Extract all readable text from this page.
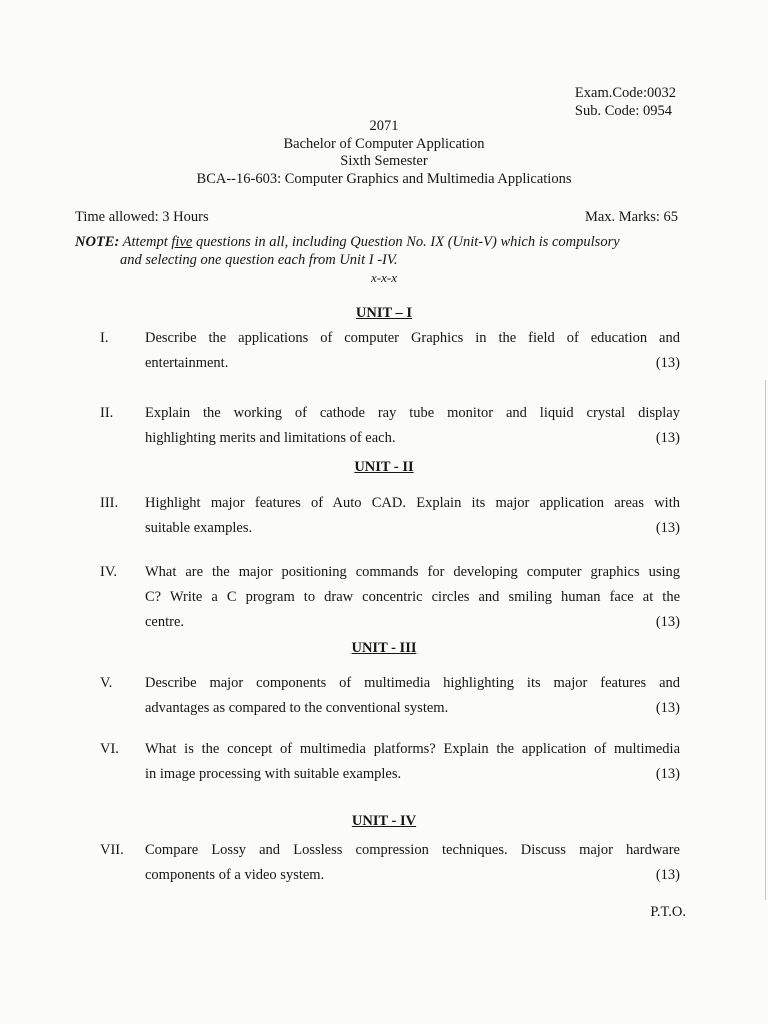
Exam.Code:0032
Sub. Code: 0954
2071
Bachelor of Computer Application
Sixth Semester
BCA--16-603: Computer Graphics and Multimedia Applications
Time allowed: 3 Hours	Max. Marks: 65
NOTE: Attempt five questions in all, including Question No. IX (Unit-V) which is compulsory
and selecting one question each from Unit I -IV.
x-x-x
UNIT – I
I.	Describe the applications of computer Graphics in the field of education and
entertainment.	(13)
II.	Explain the working of cathode ray tube monitor and liquid crystal display
highlighting merits and limitations of each.	(13)
UNIT - II
III.	Highlight major features of Auto CAD. Explain its major application areas with
suitable examples.	(13)
IV.	What are the major positioning commands for developing computer graphics using
C? Write a C program to draw concentric circles and smiling human face at the
centre.	(13)
UNIT - III
V.	Describe major components of multimedia highlighting its major features and
advantages as compared to the conventional system.	(13)
VI.	What is the concept of multimedia platforms? Explain the application of multimedia
in image processing with suitable examples.	(13)
UNIT - IV
VII.	Compare Lossy and Lossless compression techniques. Discuss major hardware
components of a video system.	(13)
P.T.O.
